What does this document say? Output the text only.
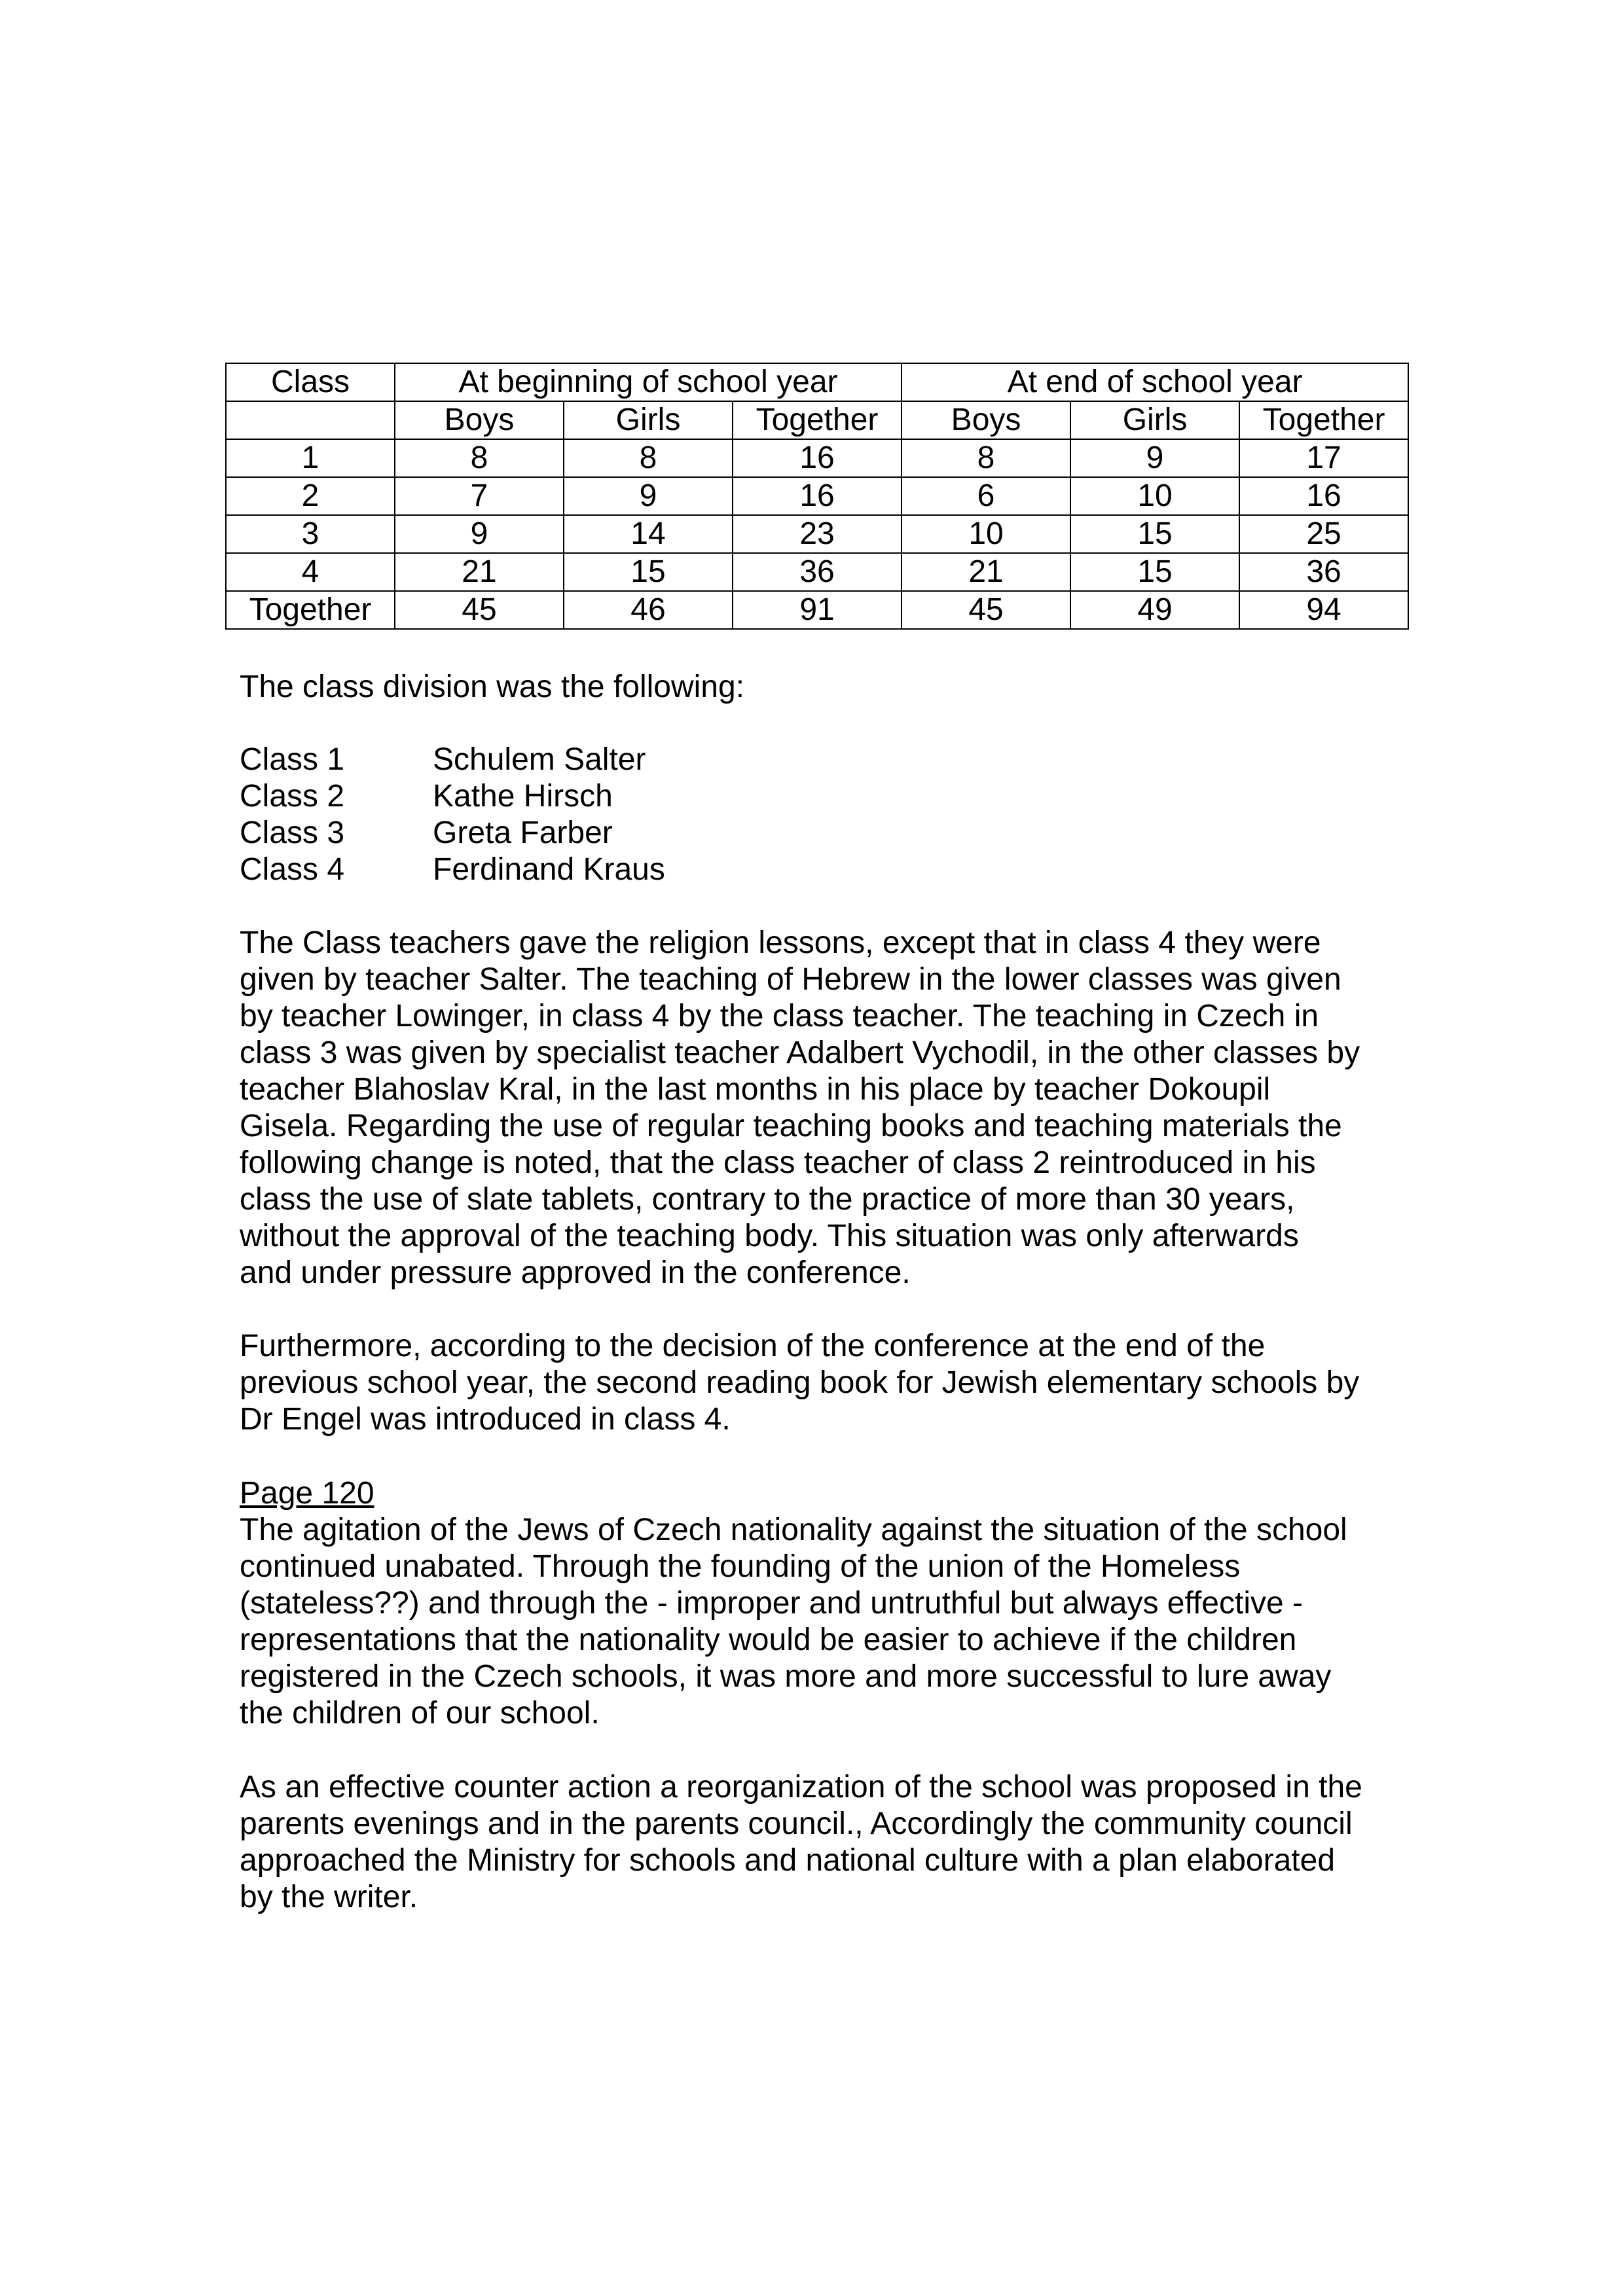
Class	At beginning of school year			At end of school year		
	Boys	Girls	Together	Boys	Girls	Together
1	8	8	16	8	9	17
2	7	9	16	6	10	16
3	9	14	23	10	15	25
4	21	15	36	21	15	36
Together	45	46	91	45	49	94

The class division was the following:

Class 1	Schulem Salter
Class 2	Kathe Hirsch
Class 3	Greta Farber
Class 4	Ferdinand Kraus

The Class teachers gave the religion lessons, except that in class 4 they were

given by teacher Salter. The teaching of Hebrew in the lower classes was given

by teacher Lowinger, in class 4 by the class teacher. The teaching in Czech in

class 3 was given by specialist teacher Adalbert Vychodil, in the other classes by

teacher Blahoslav Kral, in the last months in his place by teacher Dokoupil

Gisela. Regarding the use of regular teaching books and teaching materials the

following change is noted, that the class teacher of class 2 reintroduced in his

class the use of slate tablets, contrary to the practice of more than 30 years,

without the approval of the teaching body. This situation was only afterwards

and under pressure approved in the conference.

Furthermore, according to the decision of the conference at the end of the

previous school year, the second reading book for Jewish elementary schools by

Dr Engel was introduced in class 4.

Page 120

The agitation of the Jews of Czech nationality against the situation of the school

continued unabated. Through the founding of the union of the Homeless

(stateless??) and through the - improper and untruthful but always effective -

representations that the nationality would be easier to achieve if the children

registered in the Czech schools, it was more and more successful to lure away

the children of our school.

As an effective counter action a reorganization of the school was proposed in the

parents evenings and in the parents council., Accordingly the community council

approached the Ministry for schools and national culture with a plan elaborated

by the writer.
